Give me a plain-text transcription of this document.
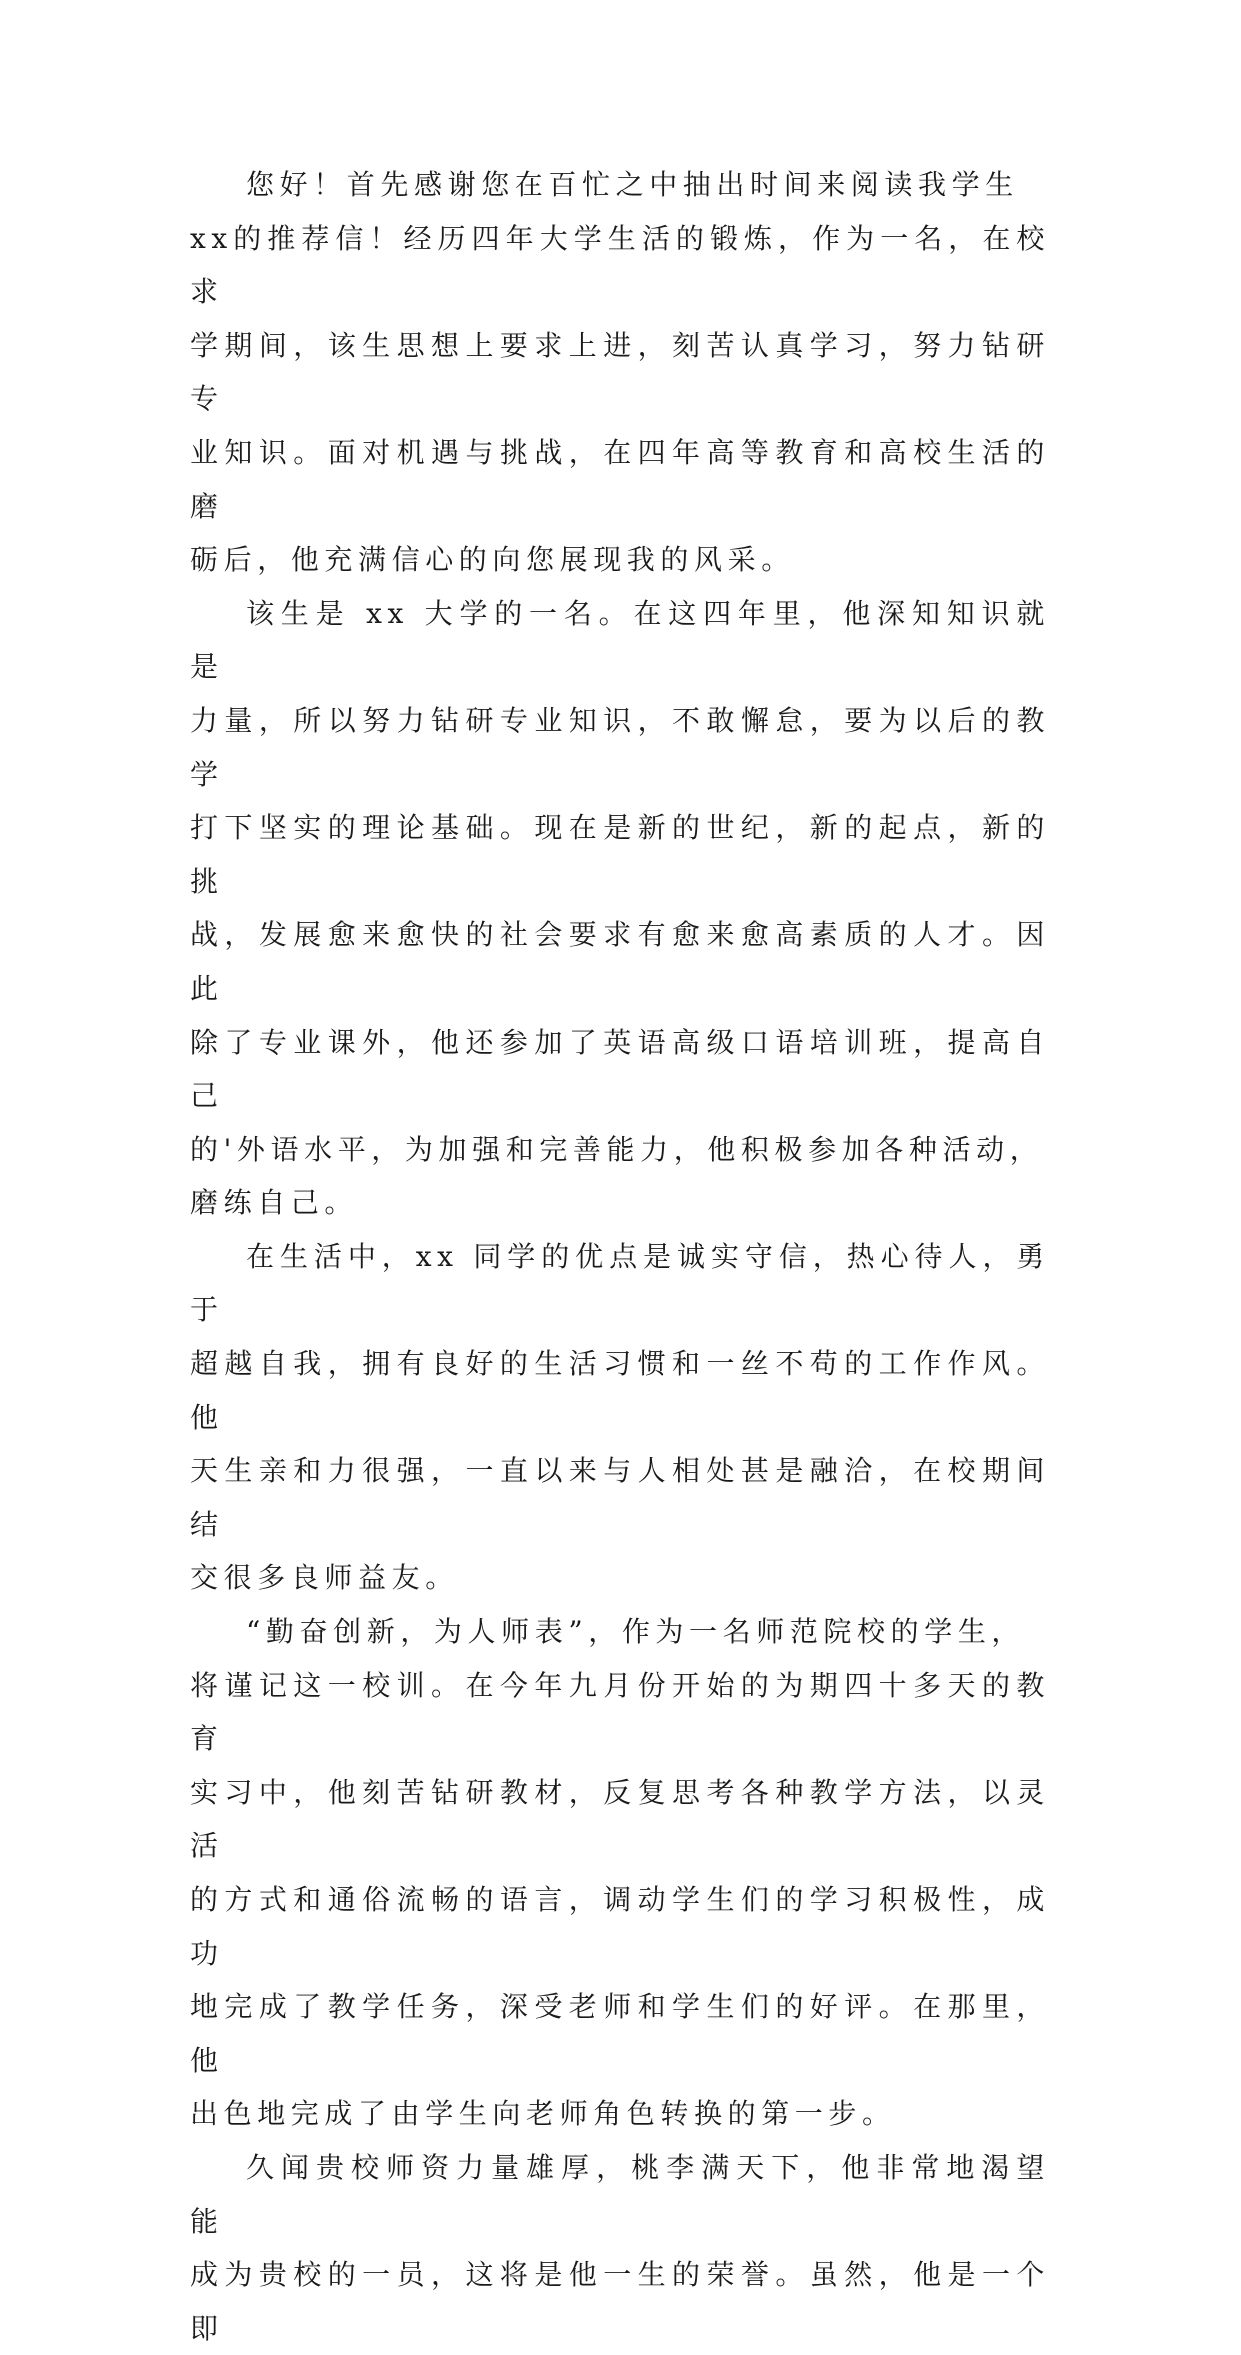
您好！首先感谢您在百忙之中抽出时间来阅读我学生
xx的推荐信！经历四年大学生活的锻炼，作为一名，在校求
学期间，该生思想上要求上进，刻苦认真学习，努力钻研专
业知识。面对机遇与挑战，在四年高等教育和高校生活的磨
砺后，他充满信心的向您展现我的风采。

该生是 xx 大学的一名。在这四年里，他深知知识就是
力量，所以努力钻研专业知识，不敢懈怠，要为以后的教学
打下坚实的理论基础。现在是新的世纪，新的起点，新的挑
战，发展愈来愈快的社会要求有愈来愈高素质的人才。因此
除了专业课外，他还参加了英语高级口语培训班，提高自己
的'外语水平，为加强和完善能力，他积极参加各种活动，
磨练自己。

在生活中，xx 同学的优点是诚实守信，热心待人，勇于
超越自我，拥有良好的生活习惯和一丝不苟的工作作风。他
天生亲和力很强，一直以来与人相处甚是融洽，在校期间结
交很多良师益友。

“勤奋创新，为人师表”，作为一名师范院校的学生，
将谨记这一校训。在今年九月份开始的为期四十多天的教育
实习中，他刻苦钻研教材，反复思考各种教学方法，以灵活
的方式和通俗流畅的语言，调动学生们的学习积极性，成功
地完成了教学任务，深受老师和学生们的好评。在那里，他
出色地完成了由学生向老师角色转换的第一步。

久闻贵校师资力量雄厚，桃李满天下，他非常地渴望能
成为贵校的一员，这将是他一生的荣誉。虽然，他是一个即
